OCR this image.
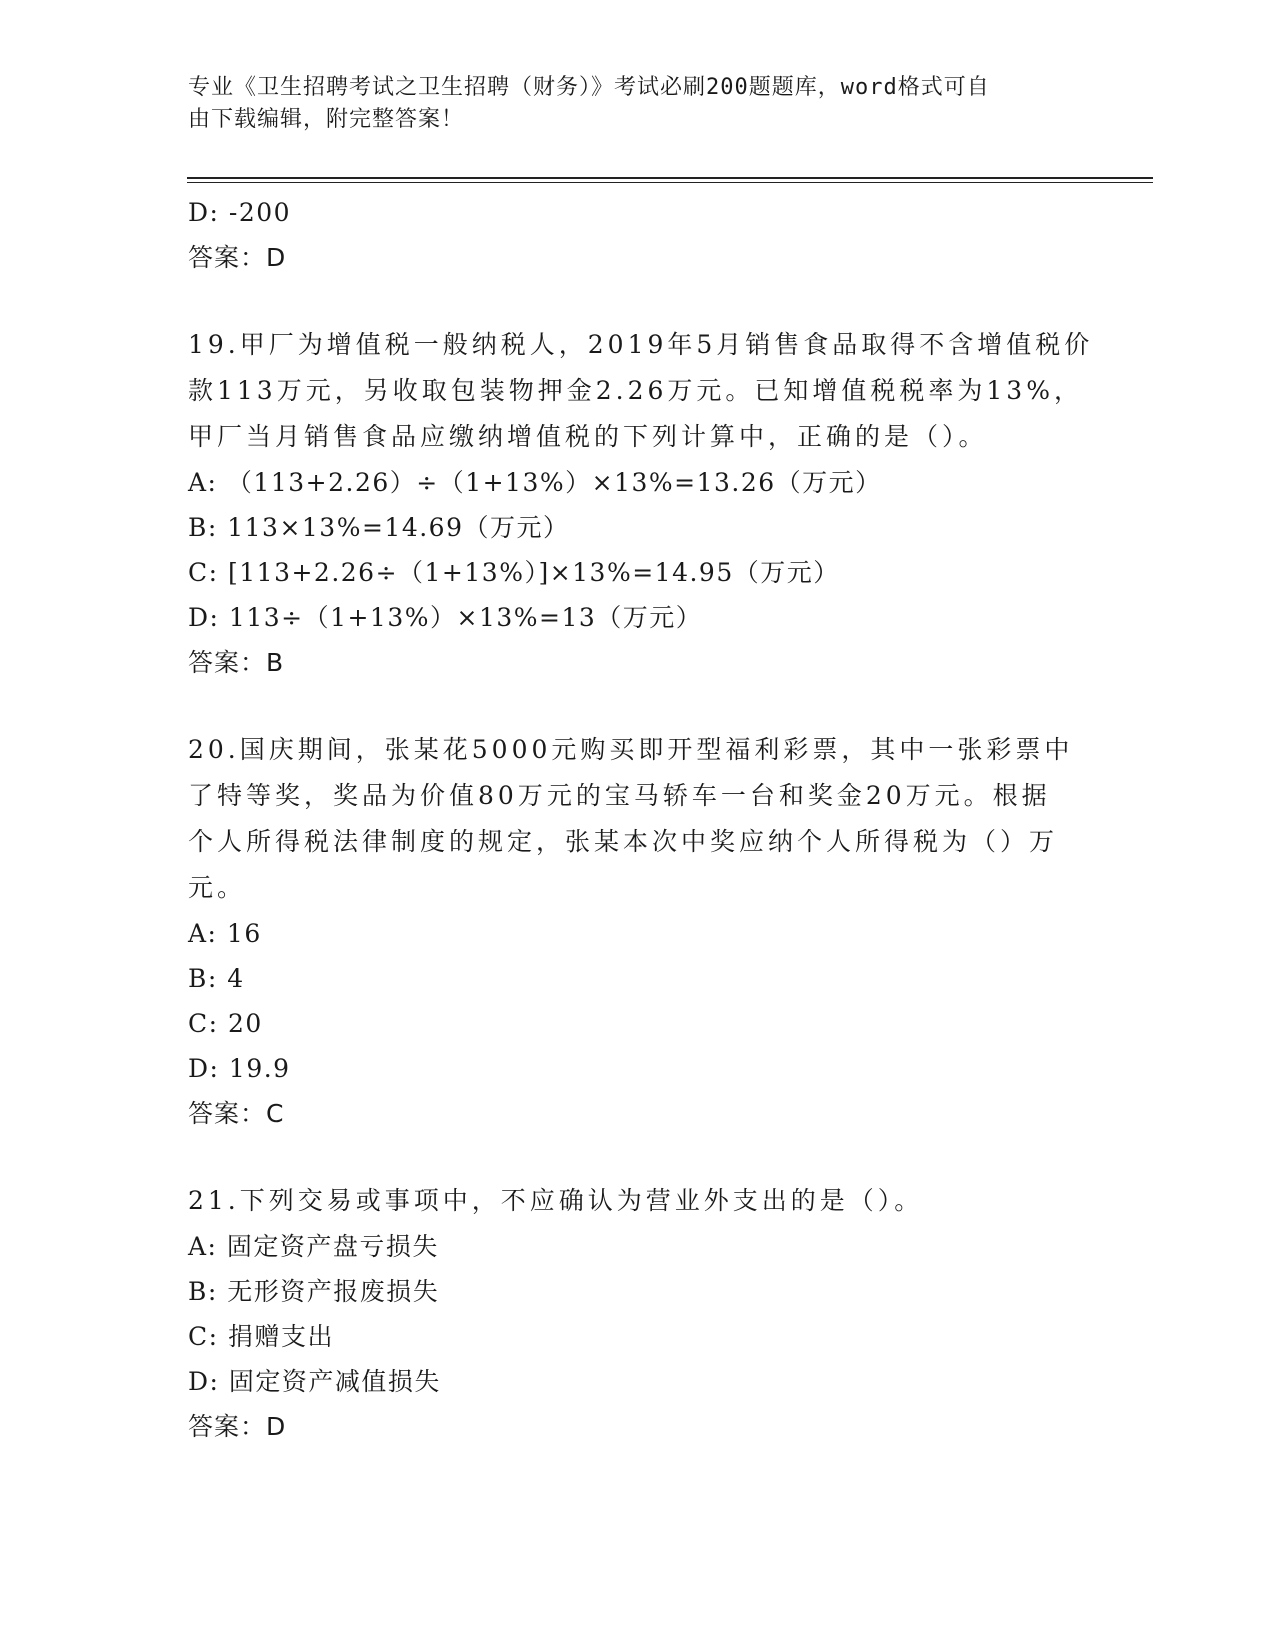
专业《卫生招聘考试之卫生招聘（财务）》考试必刷200题题库，word格式可自
由下载编辑，附完整答案！
D: -200
答案：D
19.甲厂为增值税一般纳税人，2019年5月销售食品取得不含增值税价
款113万元，另收取包装物押金2.26万元。已知增值税税率为13%，
甲厂当月销售食品应缴纳增值税的下列计算中，正确的是（）。
A: （113+2.26）÷（1+13%）×13%=13.26（万元）
B: 113×13%=14.69（万元）
C: [113+2.26÷（1+13%）]×13%=14.95（万元）
D: 113÷（1+13%）×13%=13（万元）
答案：B
20.国庆期间，张某花5000元购买即开型福利彩票，其中一张彩票中
了特等奖，奖品为价值80万元的宝马轿车一台和奖金20万元。根据
个人所得税法律制度的规定，张某本次中奖应纳个人所得税为（）万
元。
A: 16
B: 4
C: 20
D: 19.9
答案：C
21.下列交易或事项中，不应确认为营业外支出的是（）。
A: 固定资产盘亏损失
B: 无形资产报废损失
C: 捐赠支出
D: 固定资产减值损失
答案：D
